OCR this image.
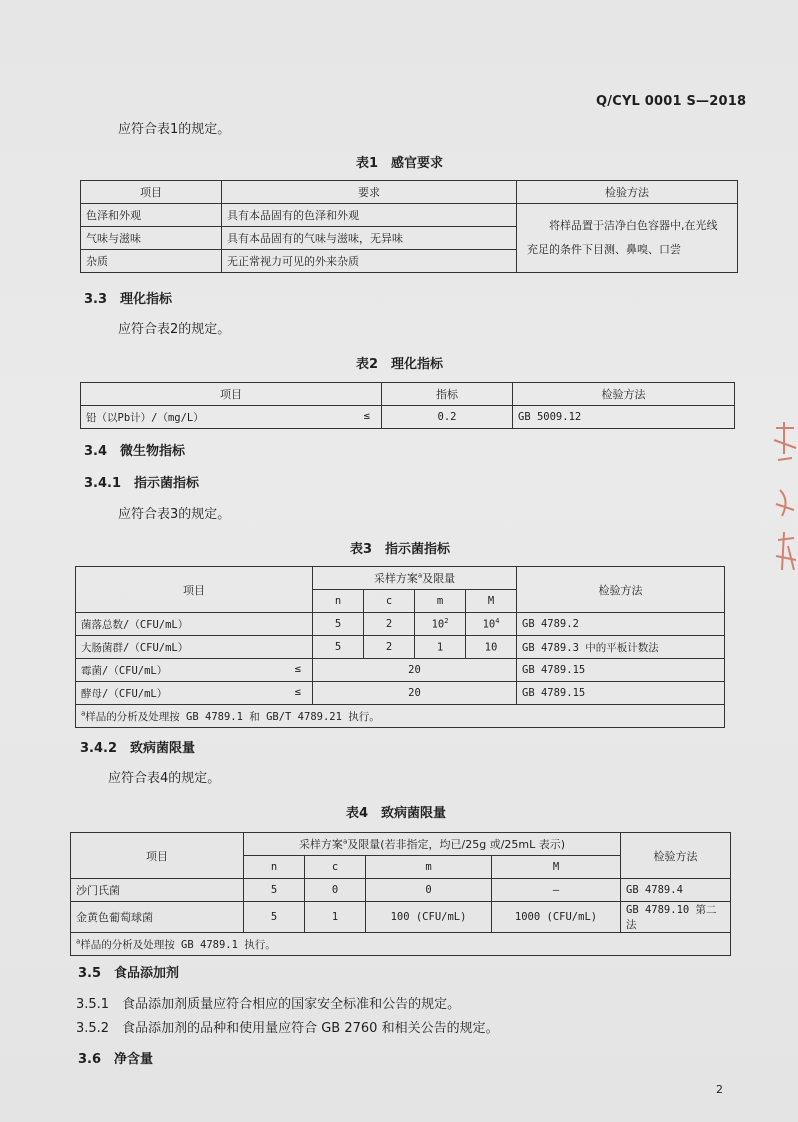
Q/CYL 0001 S—2018
应符合表1的规定。
表1　感官要求
项目	要求	检验方法
色泽和外观	具有本品固有的色泽和外观	将样品置于洁净白色容器中,在光线充足的条件下目测、鼻嗅、口尝
气味与滋味	具有本品固有的气味与滋味，无异味	
杂质	无正常视力可见的外来杂质	
3.3　 理化指标
应符合表2的规定。
表2　理化指标
项目	指标	检验方法
铅（以Pb计）/（mg/L） ≤	0.2	GB 5009.12
3.4　 微生物指标
3.4.1　 指示菌指标
应符合表3的规定。
表3　指示菌指标
项目	采样方案$^a$及限量				检验方法
	n	c	m	M	
菌落总数/（CFU/mL）	5	2	$10^2$	$10^4$	GB 4789.2
大肠菌群/（CFU/mL）	5	2	1	10	GB 4789.3 中的平板计数法
霉菌/（CFU/mL） ≤	20				GB 4789.15
酵母/（CFU/mL） ≤	20				GB 4789.15
$^a$样品的分析及处理按 GB 4789.1 和 GB/T 4789.21 执行。					
3.4.2　 致病菌限量
应符合表4的规定。
表4　致病菌限量
项目	采样方案$^a$及限量(若非指定，均已/25g 或/25mL 表示)				检验方法
	n	c	m	M	
沙门氏菌	5	0	0	—	GB 4789.4
金黄色葡萄球菌	5	1	100 (CFU/mL)	1000 (CFU/mL)	GB 4789.10 第二法
$^a$样品的分析及处理按 GB 4789.1 执行。					
3.5　 食品添加剂
3.5.1　 食品添加剂质量应符合相应的国家安全标准和公告的规定。
3.5.2　 食品添加剂的品种和使用量应符合 GB 2760 和相关公告的规定。
3.6　 净含量
2
